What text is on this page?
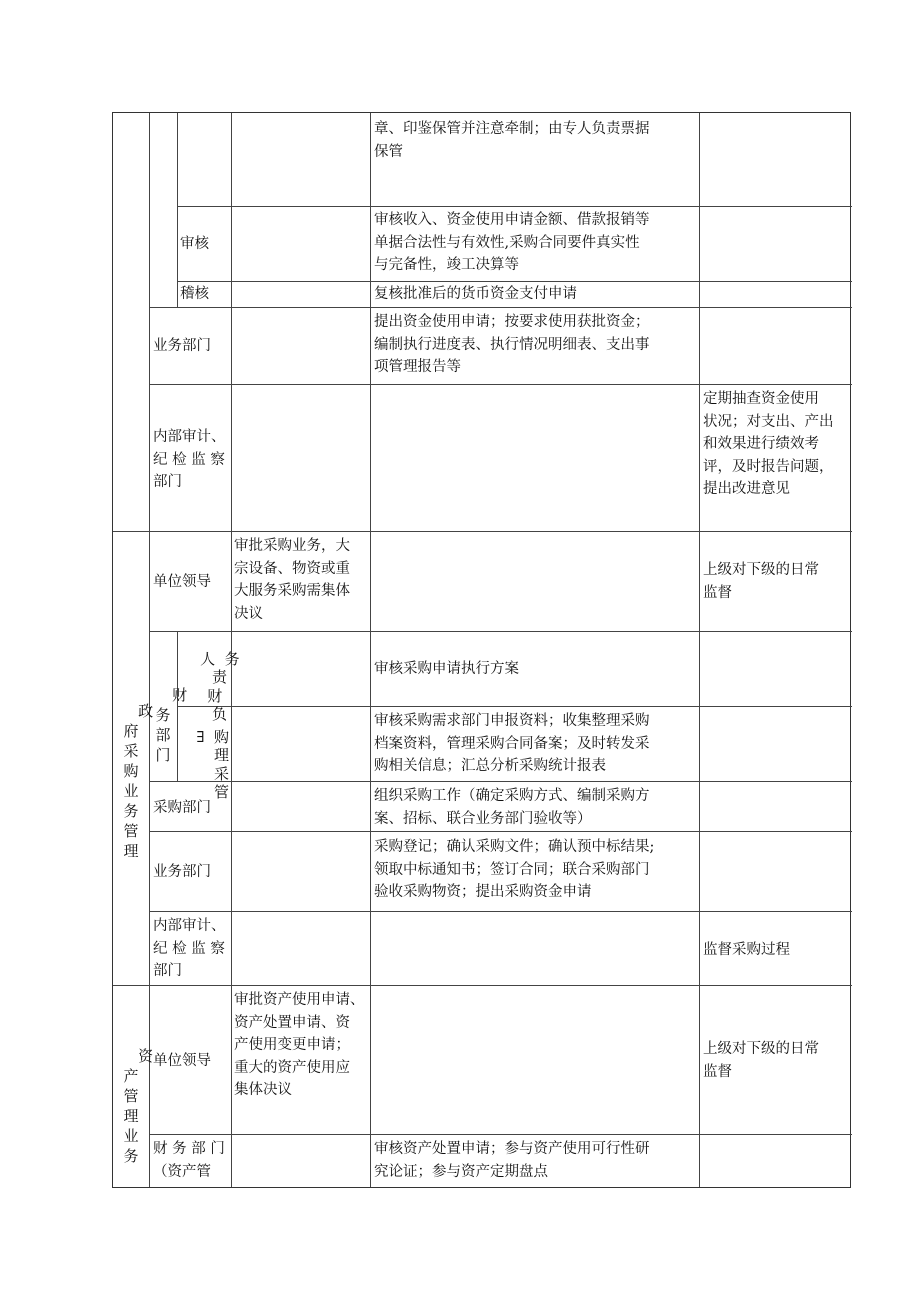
章、印鉴保管并注意牵制；由专人负责票据
保管
审核
审核收入、资金使用申请金额、借款报销等
单据合法性与有效性,采购合同要件真实性
与完备性，竣工决算等
稽核	复核批准后的货币资金支付申请
业务部门
提出资金使用申请；按要求使用获批资金；
编制执行进度表、执行情况明细表、支出事
项管理报告等
内部审计、
纪 检 监 察
部门
定期抽查资金使用
状况；对支出、产出
和效果进行绩效考
评，及时报告问题，
提出改进意见

政
府
采
购
业
务
管
理

单位领导
审批采购业务，大
宗设备、物资或重
大服务采购需集体
决议
上级对下级的日常
监督

财
务
部
门

人  务
责
财
负

审核采购申请执行方案

∃  购
理
采
管

审核采购需求部门申报资料；收集整理采购
档案资料，管理采购合同备案；及时转发采
购相关信息；汇总分析采购统计报表
采购部门
组织采购工作（确定采购方式、编制采购方
案、招标、联合业务部门验收等）
业务部门
采购登记；确认采购文件；确认预中标结果;
领取中标通知书；签订合同；联合采购部门
验收采购物资；提出采购资金申请
内部审计、
纪 检 监 察
部门
监督采购过程

资
产
管
理
业
务

单位领导
审批资产使用申请、
资产处置申请、资
产使用变更申请；
重大的资产使用应
集体决议
上级对下级的日常
监督
财 务 部 门
（资产管
审核资产处置申请；参与资产使用可行性研
究论证；参与资产定期盘点
